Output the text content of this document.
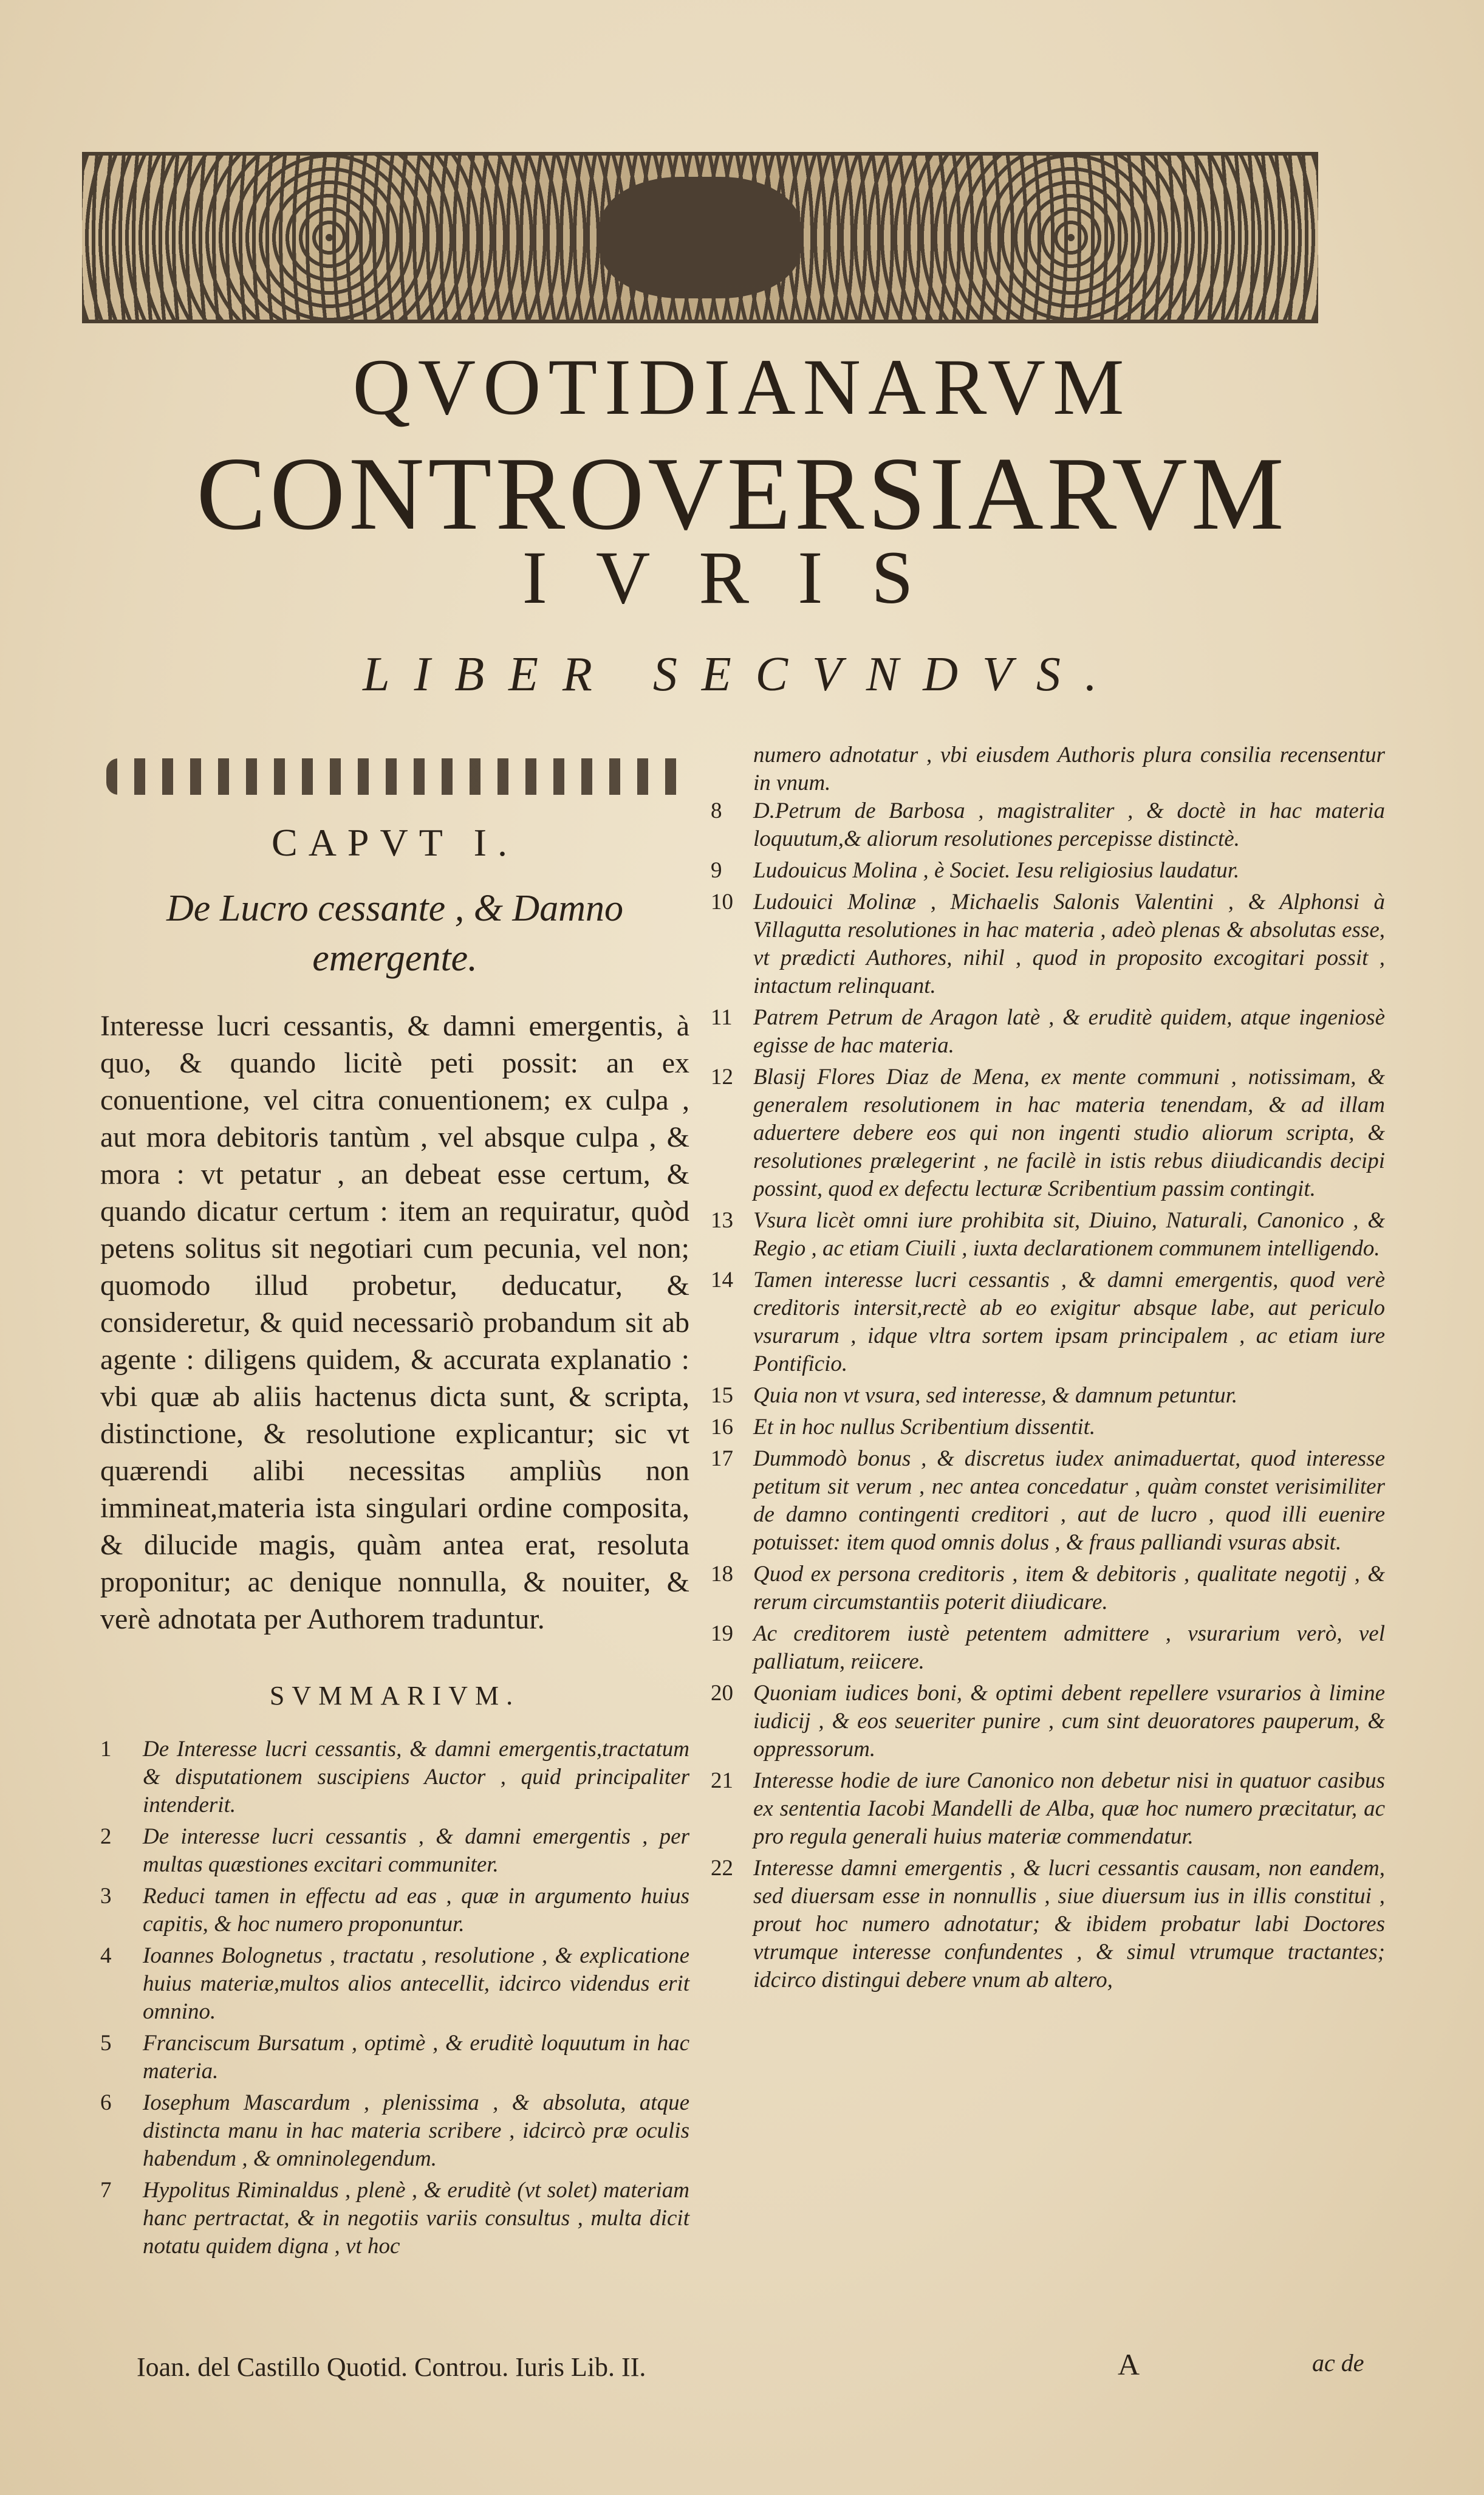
QVOTIDIANARVM
CONTROVERSIARVM
IVRIS
LIBER SECVNDVS.
CAPVT I.
De Lucro cessante , & Damno emergente.
Interesse lucri cessantis, & damni emergentis, à quo, & quando licitè peti possit: an ex conuentione, vel citra conuentionem; ex culpa , aut mora debitoris tantùm , vel absque culpa , & mora : vt petatur , an debeat esse certum, & quando dicatur certum : item an requiratur, quòd petens solitus sit negotiari cum pecunia, vel non; quomodo illud probetur, deducatur, & consideretur, & quid necessariò probandum sit ab agente : diligens quidem, & accurata explanatio : vbi quæ ab aliis hactenus dicta sunt, & scripta, distinctione, & resolutione explicantur; sic vt quærendi alibi necessitas ampliùs non immineat,materia ista singulari ordine composita, & dilucide magis, quàm antea erat, resoluta proponitur; ac denique nonnulla, & nouiter, & verè adnotata per Authorem traduntur.
SVMMARIVM.
1	De Interesse lucri cessantis, & damni emergentis,tractatum & disputationem suscipiens Auctor , quid principaliter intenderit.
2	De interesse lucri cessantis , & damni emergentis , per multas quæstiones excitari communiter.
3	Reduci tamen in effectu ad eas , quæ in argumento huius capitis, & hoc numero proponuntur.
4	Ioannes Bolognetus , tractatu , resolutione , & explicatione huius materiæ,multos alios antecellit, idcirco videndus erit omnino.
5	Franciscum Bursatum , optimè , & eruditè loquutum in hac materia.
6	Iosephum Mascardum , plenissima , & absoluta, atque distincta manu in hac materia scribere , idcircò præ oculis habendum , & omninolegendum.
7	Hypolitus Riminaldus , plenè , & eruditè (vt solet) materiam hanc pertractat, & in negotiis variis consultus , multa dicit notatu quidem digna , vt hoc
numero adnotatur , vbi eiusdem Authoris plura consilia recensentur in vnum.
8	D.Petrum de Barbosa , magistraliter , & doctè in hac materia loquutum,& aliorum resolutiones percepisse distinctè.
9	Ludouicus Molina , è Societ. Iesu religiosius laudatur.
10 Ludouici Molinæ , Michaelis Salonis Valentini , & Alphonsi à Villagutta resolutiones in hac materia , adeò plenas & absolutas esse, vt prædicti Authores, nihil , quod in proposito excogitari possit , intactum relinquant.
11 Patrem Petrum de Aragon latè , & eruditè quidem, atque ingeniosè egisse de hac materia.
12 Blasij Flores Diaz de Mena, ex mente communi , notissimam, & generalem resolutionem in hac materia tenendam, & ad illam aduertere debere eos qui non ingenti studio aliorum scripta, & resolutiones prælegerint , ne facilè in istis rebus diiudicandis decipi possint, quod ex defectu lecturæ Scribentium passim contingit.
13 Vsura licèt omni iure prohibita sit, Diuino, Naturali, Canonico , & Regio , ac etiam Ciuili , iuxta declarationem communem intelligendo.
14 Tamen interesse lucri cessantis , & damni emergentis, quod verè creditoris intersit,rectè ab eo exigitur absque labe, aut periculo vsurarum , idque vltra sortem ipsam principalem , ac etiam iure Pontificio.
15 Quia non vt vsura, sed interesse, & damnum petuntur.
16 Et in hoc nullus Scribentium dissentit.
17 Dummodò bonus , & discretus iudex animaduertat, quod interesse petitum sit verum , nec antea concedatur , quàm constet verisimiliter de damno contingenti creditori , aut de lucro , quod illi euenire potuisset: item quod omnis dolus , & fraus palliandi vsuras absit.
18 Quod ex persona creditoris , item & debitoris , qualitate negotij , & rerum circumstantiis poterit diiudicare.
19 Ac creditorem iustè petentem admittere , vsurarium verò, vel palliatum, reiicere.
20 Quoniam iudices boni, & optimi debent repellere vsurarios à limine iudicij , & eos seueriter punire , cum sint deuoratores pauperum, & oppressorum.
21 Interesse hodie de iure Canonico non debetur nisi in quatuor casibus ex sententia Iacobi Mandelli de Alba, quæ hoc numero præcitatur, ac pro regula generali huius materiæ commendatur.
22 Interesse damni emergentis , & lucri cessantis causam, non eandem, sed diuersam esse in nonnullis , siue diuersum ius in illis constitui , prout hoc numero adnotatur; & ibidem probatur labi Doctores vtrumque interesse confundentes , & simul vtrumque tractantes; idcirco distingui debere vnum ab altero,
Ioan. del Castillo Quotid. Controu. Iuris Lib. II.	A	ac de
